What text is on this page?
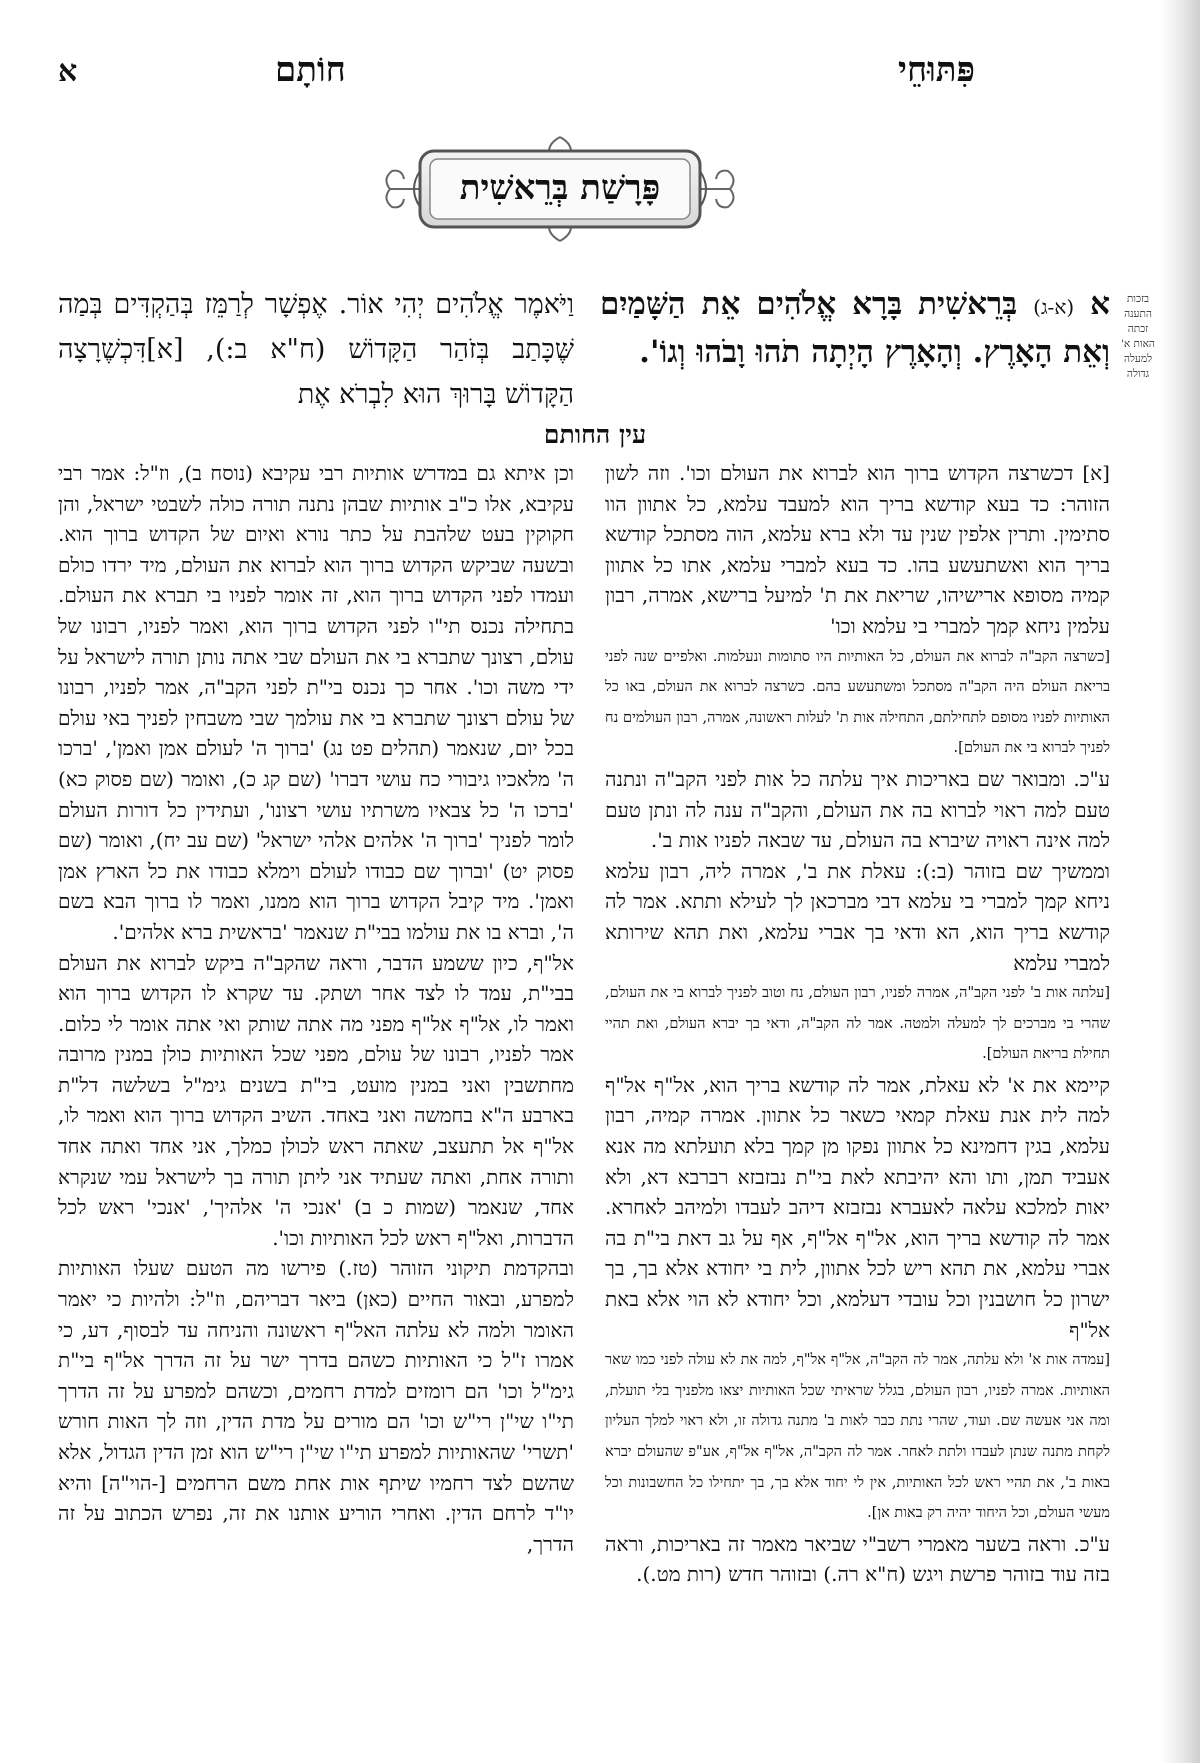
פִּתּוּחֵי
חוֹתָם
א
פָּרָשַׁת בְּרֵאשִׁית
בזכות התענה זכתה האות א' למעלה גדולה
א (א-ג) בְּרֵאשִׁית בָּרָא אֱלֹהִים אֵת הַשָּׁמַיִם וְאֵת הָאָרֶץ. וְהָאָרֶץ הָיְתָה תֹהוּ וָבֹהוּ וְגוֹ'.
וַיֹּאמֶר אֱלֹהִים יְהִי אוֹר. אֶפְשָׁר לְרַמֵּז בְּהַקְדִּים בְּמַה שֶּׁכָּתַב בְּזֹהַר הַקָּדוֹשׁ (ח"א ב:), [א]דִּכְשֶׁרָצָה הַקָּדוֹשׁ בָּרוּךְ הוּא לִבְרֹא אֶת
עין החותם

[א] דכשרצה הקדוש ברוך הוא לברוא את העולם וכו'. וזה לשון הזוהר: כד בעא קודשא בריך הוא למעבד עלמא, כל אתוון הוו סתימין. ותרין אלפין שנין עד ולא ברא עלמא, הוה מסתכל קודשא בריך הוא ואשתעשע בהו. כד בעא למברי עלמא, אתו כל אתוון קמיה מסופא ארישיהו, שריאת את ת' למיעל ברישא, אמרה, רבון עלמין ניחא קמך למברי בי עלמא וכו'

[כשרצה הקב"ה לברוא את העולם, כל האותיות היו סתומות ונעלמות. ואלפיים שנה לפני בריאת העולם היה הקב"ה מסתכל ומשתעשע בהם. כשרצה לברוא את העולם, באו כל האותיות לפניו מסופם לתחילתם, התחילה אות ת' לעלות ראשונה, אמרה, רבון העולמים נח לפניך לברוא בי את העולם].

ע"כ. ומבואר שם באריכות איך עלתה כל אות לפני הקב"ה ונתנה טעם למה ראוי לברוא בה את העולם, והקב"ה ענה לה ונתן טעם למה אינה ראויה שיברא בה העולם, עד שבאה לפניו אות ב'.

וממשיך שם בזוהר (ב:): עאלת את ב', אמרה ליה, רבון עלמא ניחא קמך למברי בי עלמא דבי מברכאן לך לעילא ותתא. אמר לה קודשא בריך הוא, הא ודאי בך אברי עלמא, ואת תהא שירותא למברי עלמא

[עלתה אות ב' לפני הקב"ה, אמרה לפניו, רבון העולם, נח וטוב לפניך לברוא בי את העולם, שהרי בי מברכים לך למעלה ולמטה. אמר לה הקב"ה, ודאי בך יברא העולם, ואת תהיי תחילת בריאת העולם].

קיימא את א' לא עאלת, אמר לה קודשא בריך הוא, אל"ף אל"ף למה לית אנת עאלת קמאי כשאר כל אתוון. אמרה קמיה, רבון עלמא, בגין דחמינא כל אתוון נפקו מן קמך בלא תועלתא מה אנא אעביד תמן, ותו והא יהיבתא לאת בי"ת נבזבזא רברבא דא, ולא יאות למלכא עלאה לאעברא נבזבזא דיהב לעבדו ולמיהב לאחרא. אמר לה קודשא בריך הוא, אל"ף אל"ף, אף על גב דאת בי"ת בה אברי עלמא, את תהא ריש לכל אתוון, לית בי יחודא אלא בך, בך ישרון כל חושבנין וכל עובדי דעלמא, וכל יחודא לא הוי אלא באת אל"ף

[עמדה אות א' ולא עלתה, אמר לה הקב"ה, אל"ף אל"ף, למה את לא עולה לפני כמו שאר האותיות. אמרה לפניו, רבון העולם, בגלל שראיתי שכל האותיות יצאו מלפניך בלי תועלת, ומה אני אעשה שם. ועוד, שהרי נתת כבר לאות ב' מתנה גדולה זו, ולא ראוי למלך העליון לקחת מתנה שנתן לעבדו ולתת לאחר. אמר לה הקב"ה, אל"ף אל"ף, אע"פ שהעולם יברא באות ב', את תהיי ראש לכל האותיות, אין לי יחוד אלא בך, בך יתחילו כל החשבונות וכל מעשי העולם, וכל היחוד יהיה רק באות אן].

ע"כ. וראה בשער מאמרי רשב"י שביאר מאמר זה באריכות, וראה בזה עוד בזוהר פרשת ויגש (ח"א רה.) ובזוהר חדש (רות מט.).

וכן איתא גם במדרש אותיות רבי עקיבא (נוסח ב), וז"ל: אמר רבי עקיבא, אלו כ"ב אותיות שבהן נתנה תורה כולה לשבטי ישראל, והן חקוקין בעט שלהבת על כתר נורא ואיום של הקדוש ברוך הוא. ובשעה שביקש הקדוש ברוך הוא לברוא את העולם, מיד ירדו כולם ועמדו לפני הקדוש ברוך הוא, זה אומר לפניו בי תברא את העולם. בתחילה נכנס תי"ו לפני הקדוש ברוך הוא, ואמר לפניו, רבונו של עולם, רצונך שתברא בי את העולם שבי אתה נותן תורה לישראל על ידי משה וכו'. אחר כך נכנס בי"ת לפני הקב"ה, אמר לפניו, רבונו של עולם רצונך שתברא בי את עולמך שבי משבחין לפניך באי עולם בכל יום, שנאמר (תהלים פט נג) 'ברוך ה' לעולם אמן ואמן', 'ברכו ה' מלאכיו גיבורי כח עושי דברו' (שם קג כ), ואומר (שם פסוק כא) 'ברכו ה' כל צבאיו משרתיו עושי רצונו', ועתידין כל דורות העולם לומר לפניך 'ברוך ה' אלהים אלהי ישראל' (שם עב יח), ואומר (שם פסוק יט) 'וברוך שם כבודו לעולם וימלא כבודו את כל הארץ אמן ואמן'. מיד קיבל הקדוש ברוך הוא ממנו, ואמר לו ברוך הבא בשם ה', וברא בו את עולמו בבי"ת שנאמר 'בראשית ברא אלהים'.

אל"ף, כיון ששמע הדבר, וראה שהקב"ה ביקש לברוא את העולם בבי"ת, עמד לו לצד אחר ושתק. עד שקרא לו הקדוש ברוך הוא ואמר לו, אל"ף אל"ף מפני מה אתה שותק ואי אתה אומר לי כלום. אמר לפניו, רבונו של עולם, מפני שכל האותיות כולן במנין מרובה מחתשבין ואני במנין מועט, בי"ת בשנים גימ"ל בשלשה דל"ת בארבע ה"א בחמשה ואני באחד. השיב הקדוש ברוך הוא ואמר לו, אל"ף אל תתעצב, שאתה ראש לכולן כמלך, אני אחד ואתה אחד ותורה אחת, ואתה שעתיד אני ליתן תורה בך לישראל עמי שנקרא אחד, שנאמר (שמות כ ב) 'אנכי ה' אלהיך', 'אנכי' ראש לכל הדברות, ואל"ף ראש לכל האותיות וכו'.

ובהקדמת תיקוני הזוהר (טז.) פירשו מה הטעם שעלו האותיות למפרע, ובאור החיים (כאן) ביאר דבריהם, וז"ל: ולהיות כי יאמר האומר ולמה לא עלתה האל"ף ראשונה והניחה עד לבסוף, דע, כי אמרו ז"ל כי האותיות כשהם בדרך ישר על זה הדרך אל"ף בי"ת גימ"ל וכו' הם רומזים למדת רחמים, וכשהם למפרע על זה הדרך תי"ו שי"ן רי"ש וכו' הם מורים על מדת הדין, וזה לך האות חורש 'תשרי' שהאותיות למפרע תי"ו שי"ן רי"ש הוא זמן הדין הגדול, אלא שהשם לצד רחמיו שיתף אות אחת משם הרחמים [-הוי"ה] והיא יו"ד לרחם הדין. ואחרי הוריע אותנו את זה, נפרש הכתוב על זה הדרך,
